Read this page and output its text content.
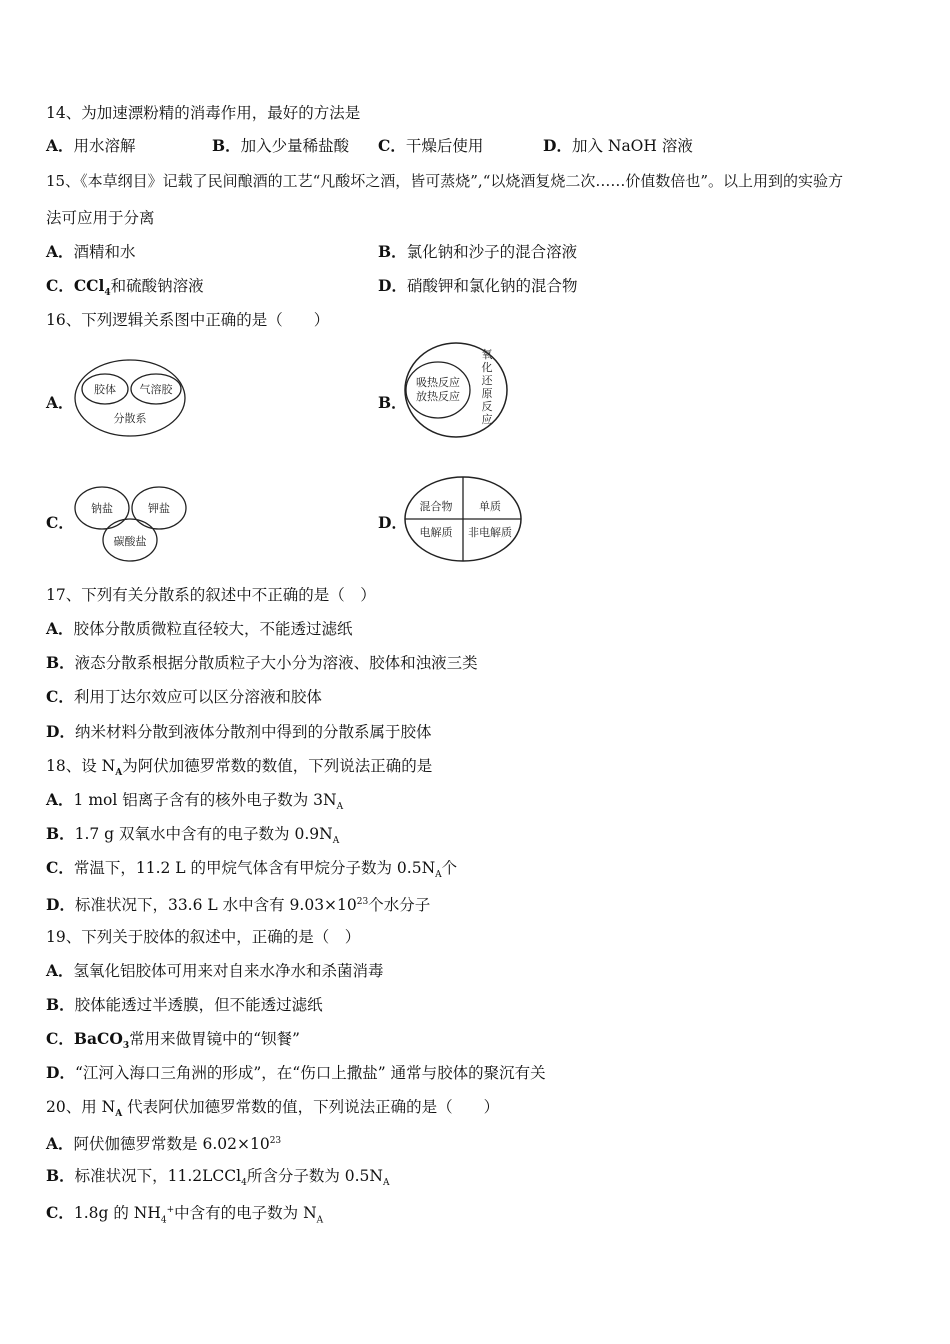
14、为加速漂粉精的消毒作用，最好的方法是
A．用水溶解	B．加入少量稀盐酸 C．干燥后使用	D．加入 NaOH 溶液
15、《本草纲目》记载了民间酿酒的工艺“凡酸坏之酒，皆可蒸烧”,“以烧酒复烧二次……价值数倍也”。以上用到的实验方
法可应用于分离
A．酒精和水	B．氯化钠和沙子的混合溶液
C．CCl$_4$和硫酸钠溶液	D．硝酸钾和氯化钠的混合物
16、下列逻辑关系图中正确的是（　　）
A．
胶体 气溶胶
分散系
B．
吸热反应
放热反应
氧
化
还
原
反
应
C．
钠盐	钾盐
碳酸盐
D．
混合物 单质
电解质 非电解质
17、下列有关分散系的叙述中不正确的是（　）
A．胶体分散质微粒直径较大，不能透过滤纸
B．液态分散系根据分散质粒子大小分为溶液、胶体和浊液三类
C．利用丁达尔效应可以区分溶液和胶体
D．纳米材料分散到液体分散剂中得到的分散系属于胶体
18、设 $N_A$为阿伏加德罗常数的数值，下列说法正确的是
A．1 mol 铝离子含有的核外电子数为 $3N_A$
B．1.7 g 双氧水中含有的电子数为 $0.9N_A$
C．常温下，11.2 L 的甲烷气体含有甲烷分子数为 $0.5N_A$个
D．标准状况下，33.6 L 水中含有 $9.03\times 10^{23}$个水分子
19、下列关于胶体的叙述中，正确的是（　）
A．氢氧化铝胶体可用来对自来水净水和杀菌消毒
B．胶体能透过半透膜，但不能透过滤纸
C．BaCO$_3$常用来做胃镜中的“钡餐”
D．“江河入海口三角洲的形成”，在“伤口上撒盐” 通常与胶体的聚沉有关
20、用 $N_A$ 代表阿伏加德罗常数的值，下列说法正确的是（　　）
A．阿伏伽德罗常数是 $6.02\times 10^{23}$
B．标准状况下，11.2LCCl$_4$所含分子数为 $0.5N_A$
C．1.8g 的 $NH_4^+$中含有的电子数为 $N_A$
